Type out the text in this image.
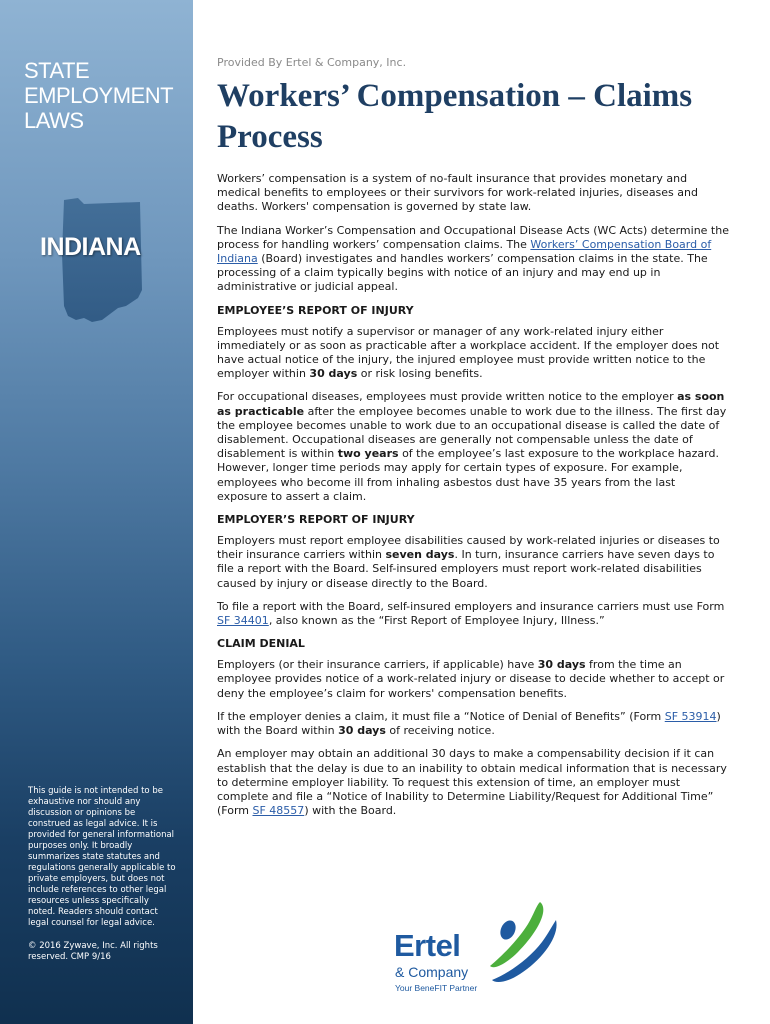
STATE
EMPLOYMENT
LAWS
INDIANA

This guide is not intended to be exhaustive nor should any discussion or opinions be construed as legal advice. It is provided for general informational purposes only. It broadly summarizes state statutes and regulations generally applicable to private employers, but does not include references to other legal resources unless specifically noted. Readers should contact legal counsel for legal advice.

© 2016 Zywave, Inc. All rights reserved. CMP 9/16

Provided By Ertel & Company, Inc.
Workers’ Compensation – Claims Process

Workers’ compensation is a system of no-fault insurance that provides monetary and medical benefits to employees or their survivors for work-related injuries, diseases and deaths. Workers' compensation is governed by state law.

The Indiana Worker’s Compensation and Occupational Disease Acts (WC Acts) determine the process for handling workers’ compensation claims. The Workers’ Compensation Board of Indiana (Board) investigates and handles workers’ compensation claims in the state. The processing of a claim typically begins with notice of an injury and may end up in administrative or judicial appeal.

EMPLOYEE’S REPORT OF INJURY

Employees must notify a supervisor or manager of any work-related injury either immediately or as soon as practicable after a workplace accident. If the employer does not have actual notice of the injury, the injured employee must provide written notice to the employer within 30 days or risk losing benefits.

For occupational diseases, employees must provide written notice to the employer as soon as practicable after the employee becomes unable to work due to the illness. The first day the employee becomes unable to work due to an occupational disease is called the date of disablement. Occupational diseases are generally not compensable unless the date of disablement is within two years of the employee’s last exposure to the workplace hazard. However, longer time periods may apply for certain types of exposure. For example, employees who become ill from inhaling asbestos dust have 35 years from the last exposure to assert a claim.

EMPLOYER’S REPORT OF INJURY

Employers must report employee disabilities caused by work-related injuries or diseases to their insurance carriers within seven days. In turn, insurance carriers have seven days to file a report with the Board. Self-insured employers must report work-related disabilities caused by injury or disease directly to the Board.

To file a report with the Board, self-insured employers and insurance carriers must use Form SF 34401, also known as the “First Report of Employee Injury, Illness.”

CLAIM DENIAL

Employers (or their insurance carriers, if applicable) have 30 days from the time an employee provides notice of a work-related injury or disease to decide whether to accept or deny the employee’s claim for workers' compensation benefits.

If the employer denies a claim, it must file a “Notice of Denial of Benefits” (Form SF 53914) with the Board within 30 days of receiving notice.

An employer may obtain an additional 30 days to make a compensability decision if it can establish that the delay is due to an inability to obtain medical information that is necessary to determine employer liability. To request this extension of time, an employer must complete and file a “Notice of Inability to Determine Liability/Request for Additional Time” (Form SF 48557) with the Board.

Ertel
& Company
Your BeneFIT Partner
